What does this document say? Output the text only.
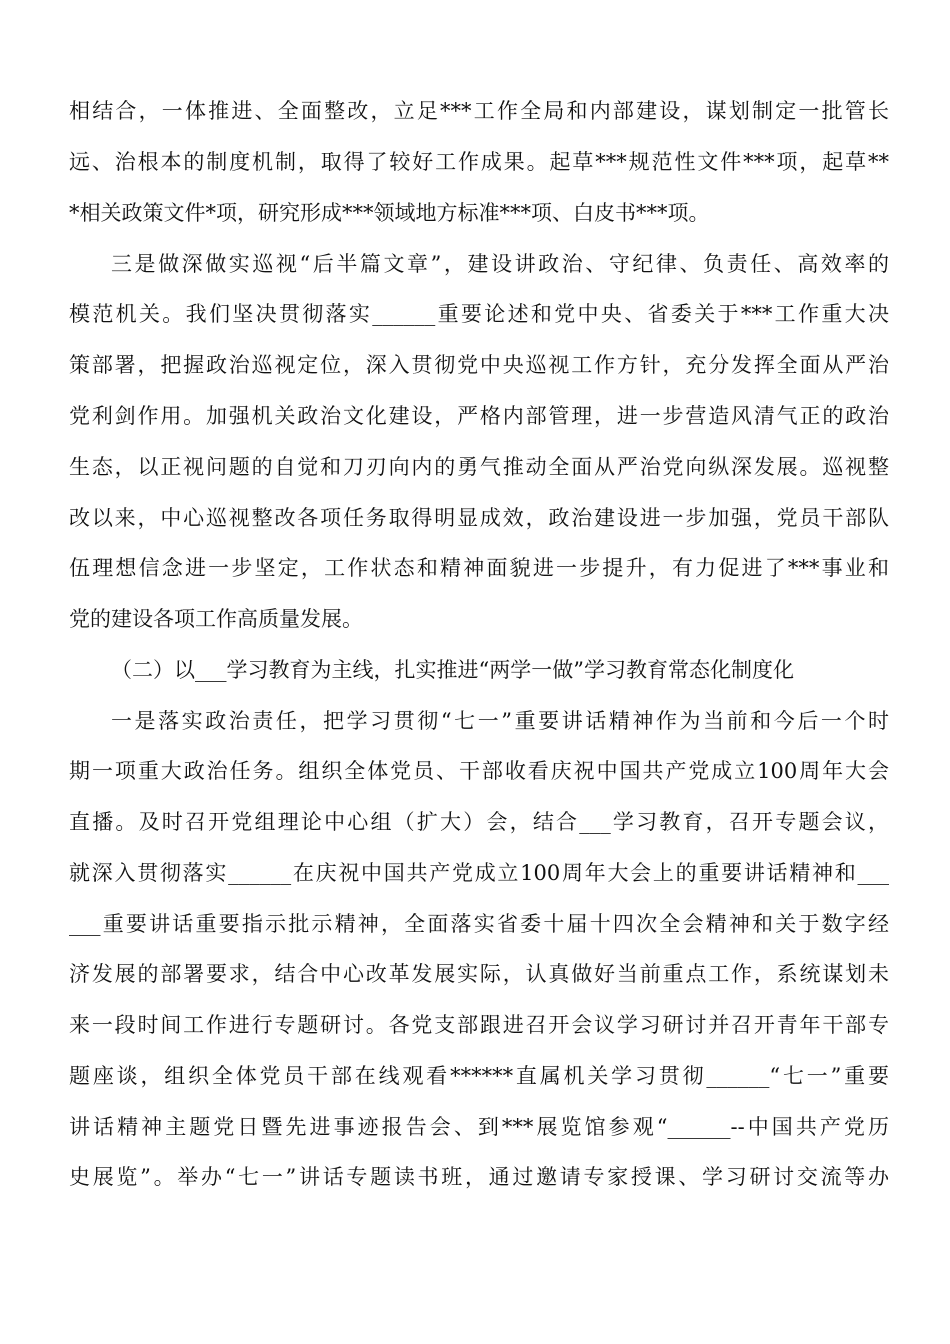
相结合，一体推进、全面整改，立足***工作全局和内部建设，谋划制定一批管长
远、治根本的制度机制，取得了较好工作成果。起草***规范性文件***项，起草**
*相关政策文件*项，研究形成***领域地方标准***项、白皮书***项。
三是做深做实巡视“后半篇文章”，建设讲政治、守纪律、负责任、高效率的
模范机关。我们坚决贯彻落实______重要论述和党中央、省委关于***工作重大决
策部署，把握政治巡视定位，深入贯彻党中央巡视工作方针，充分发挥全面从严治
党利剑作用。加强机关政治文化建设，严格内部管理，进一步营造风清气正的政治
生态，以正视问题的自觉和刀刃向内的勇气推动全面从严治党向纵深发展。巡视整
改以来，中心巡视整改各项任务取得明显成效，政治建设进一步加强，党员干部队
伍理想信念进一步坚定，工作状态和精神面貌进一步提升，有力促进了***事业和
党的建设各项工作高质量发展。
（二）以___学习教育为主线，扎实推进“两学一做”学习教育常态化制度化
一是落实政治责任，把学习贯彻“七一”重要讲话精神作为当前和今后一个时
期一项重大政治任务。组织全体党员、干部收看庆祝中国共产党成立100周年大会
直播。及时召开党组理论中心组（扩大）会，结合___学习教育，召开专题会议，
就深入贯彻落实______在庆祝中国共产党成立100周年大会上的重要讲话精神和___
___重要讲话重要指示批示精神，全面落实省委十届十四次全会精神和关于数字经
济发展的部署要求，结合中心改革发展实际，认真做好当前重点工作，系统谋划未
来一段时间工作进行专题研讨。各党支部跟进召开会议学习研讨并召开青年干部专
题座谈，组织全体党员干部在线观看******直属机关学习贯彻______“七一”重要
讲话精神主题党日暨先进事迹报告会、到***展览馆参观“______--中国共产党历
史展览”。举办“七一”讲话专题读书班，通过邀请专家授课、学习研讨交流等办
